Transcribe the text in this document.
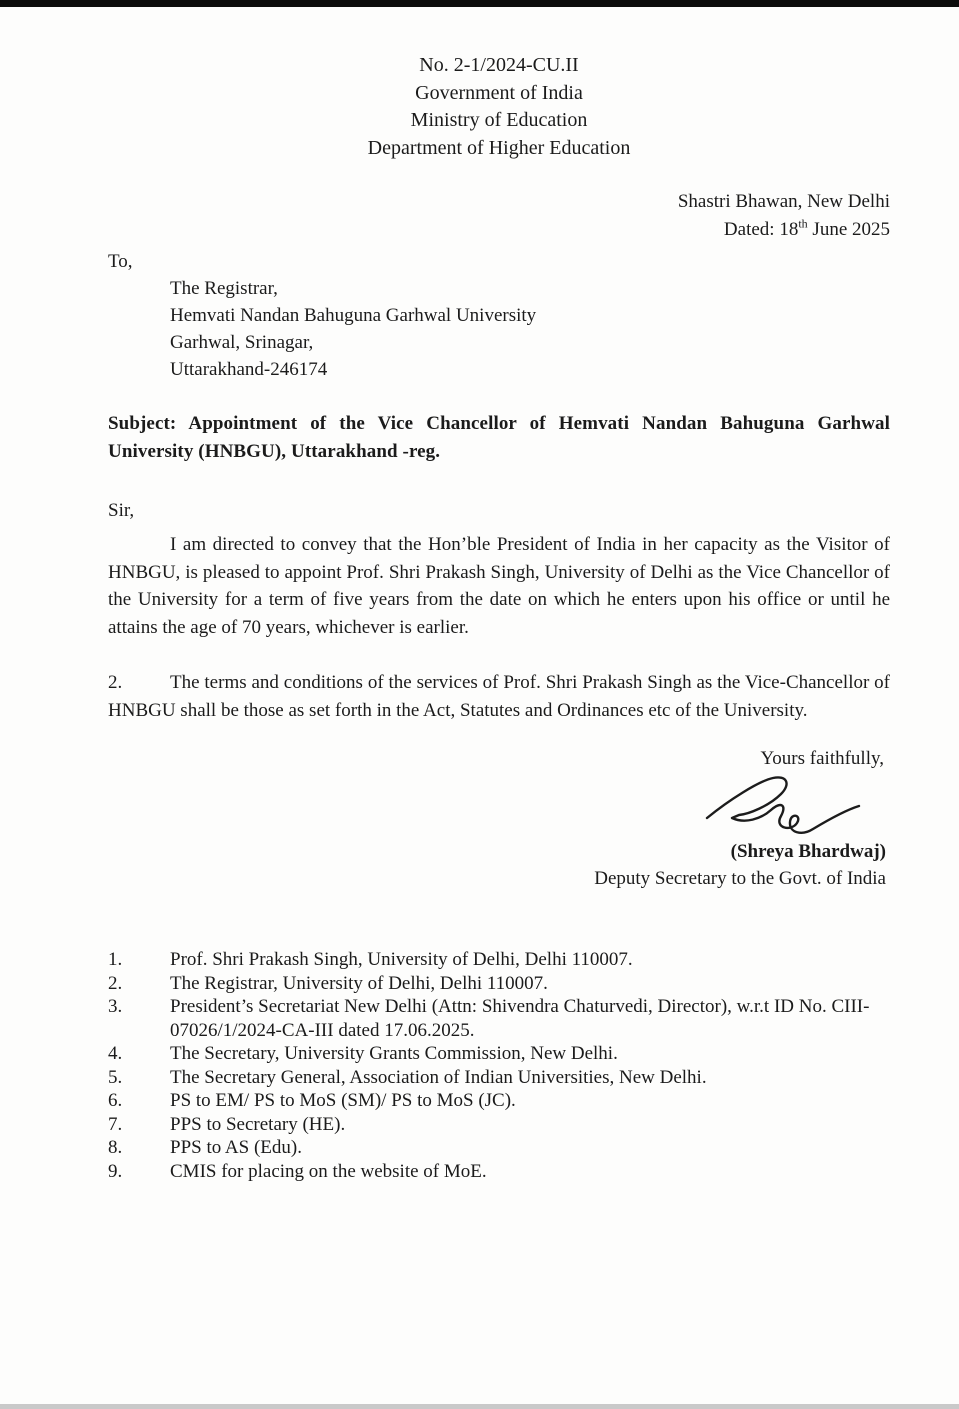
No. 2-1/2024-CU.II
Government of India
Ministry of Education
Department of Higher Education
Shastri Bhawan, New Delhi
Dated: 18th June 2025
To,
The Registrar,
Hemvati Nandan Bahuguna Garhwal University
Garhwal, Srinagar,
Uttarakhand-246174
Subject: Appointment of the Vice Chancellor of Hemvati Nandan Bahuguna Garhwal University (HNBGU), Uttarakhand -reg.
Sir,
I am directed to convey that the Hon’ble President of India in her capacity as the Visitor of HNBGU, is pleased to appoint Prof. Shri Prakash Singh, University of Delhi as the Vice Chancellor of the University for a term of five years from the date on which he enters upon his office or until he attains the age of 70 years, whichever is earlier.
2.	The terms and conditions of the services of Prof. Shri Prakash Singh as the Vice-Chancellor of HNBGU shall be those as set forth in the Act, Statutes and Ordinances etc of the University.
Yours faithfully,
(Shreya Bhardwaj)
Deputy Secretary to the Govt. of India
1.	Prof. Shri Prakash Singh, University of Delhi, Delhi 110007.
2.	The Registrar, University of Delhi, Delhi 110007.
3.	President’s Secretariat New Delhi (Attn: Shivendra Chaturvedi, Director), w.r.t ID No. CIII-07026/1/2024-CA-III dated 17.06.2025.
4.	The Secretary, University Grants Commission, New Delhi.
5.	The Secretary General, Association of Indian Universities, New Delhi.
6.	PS to EM/ PS to MoS (SM)/ PS to MoS (JC).
7.	PPS to Secretary (HE).
8.	PPS to AS (Edu).
9.	CMIS for placing on the website of MoE.
